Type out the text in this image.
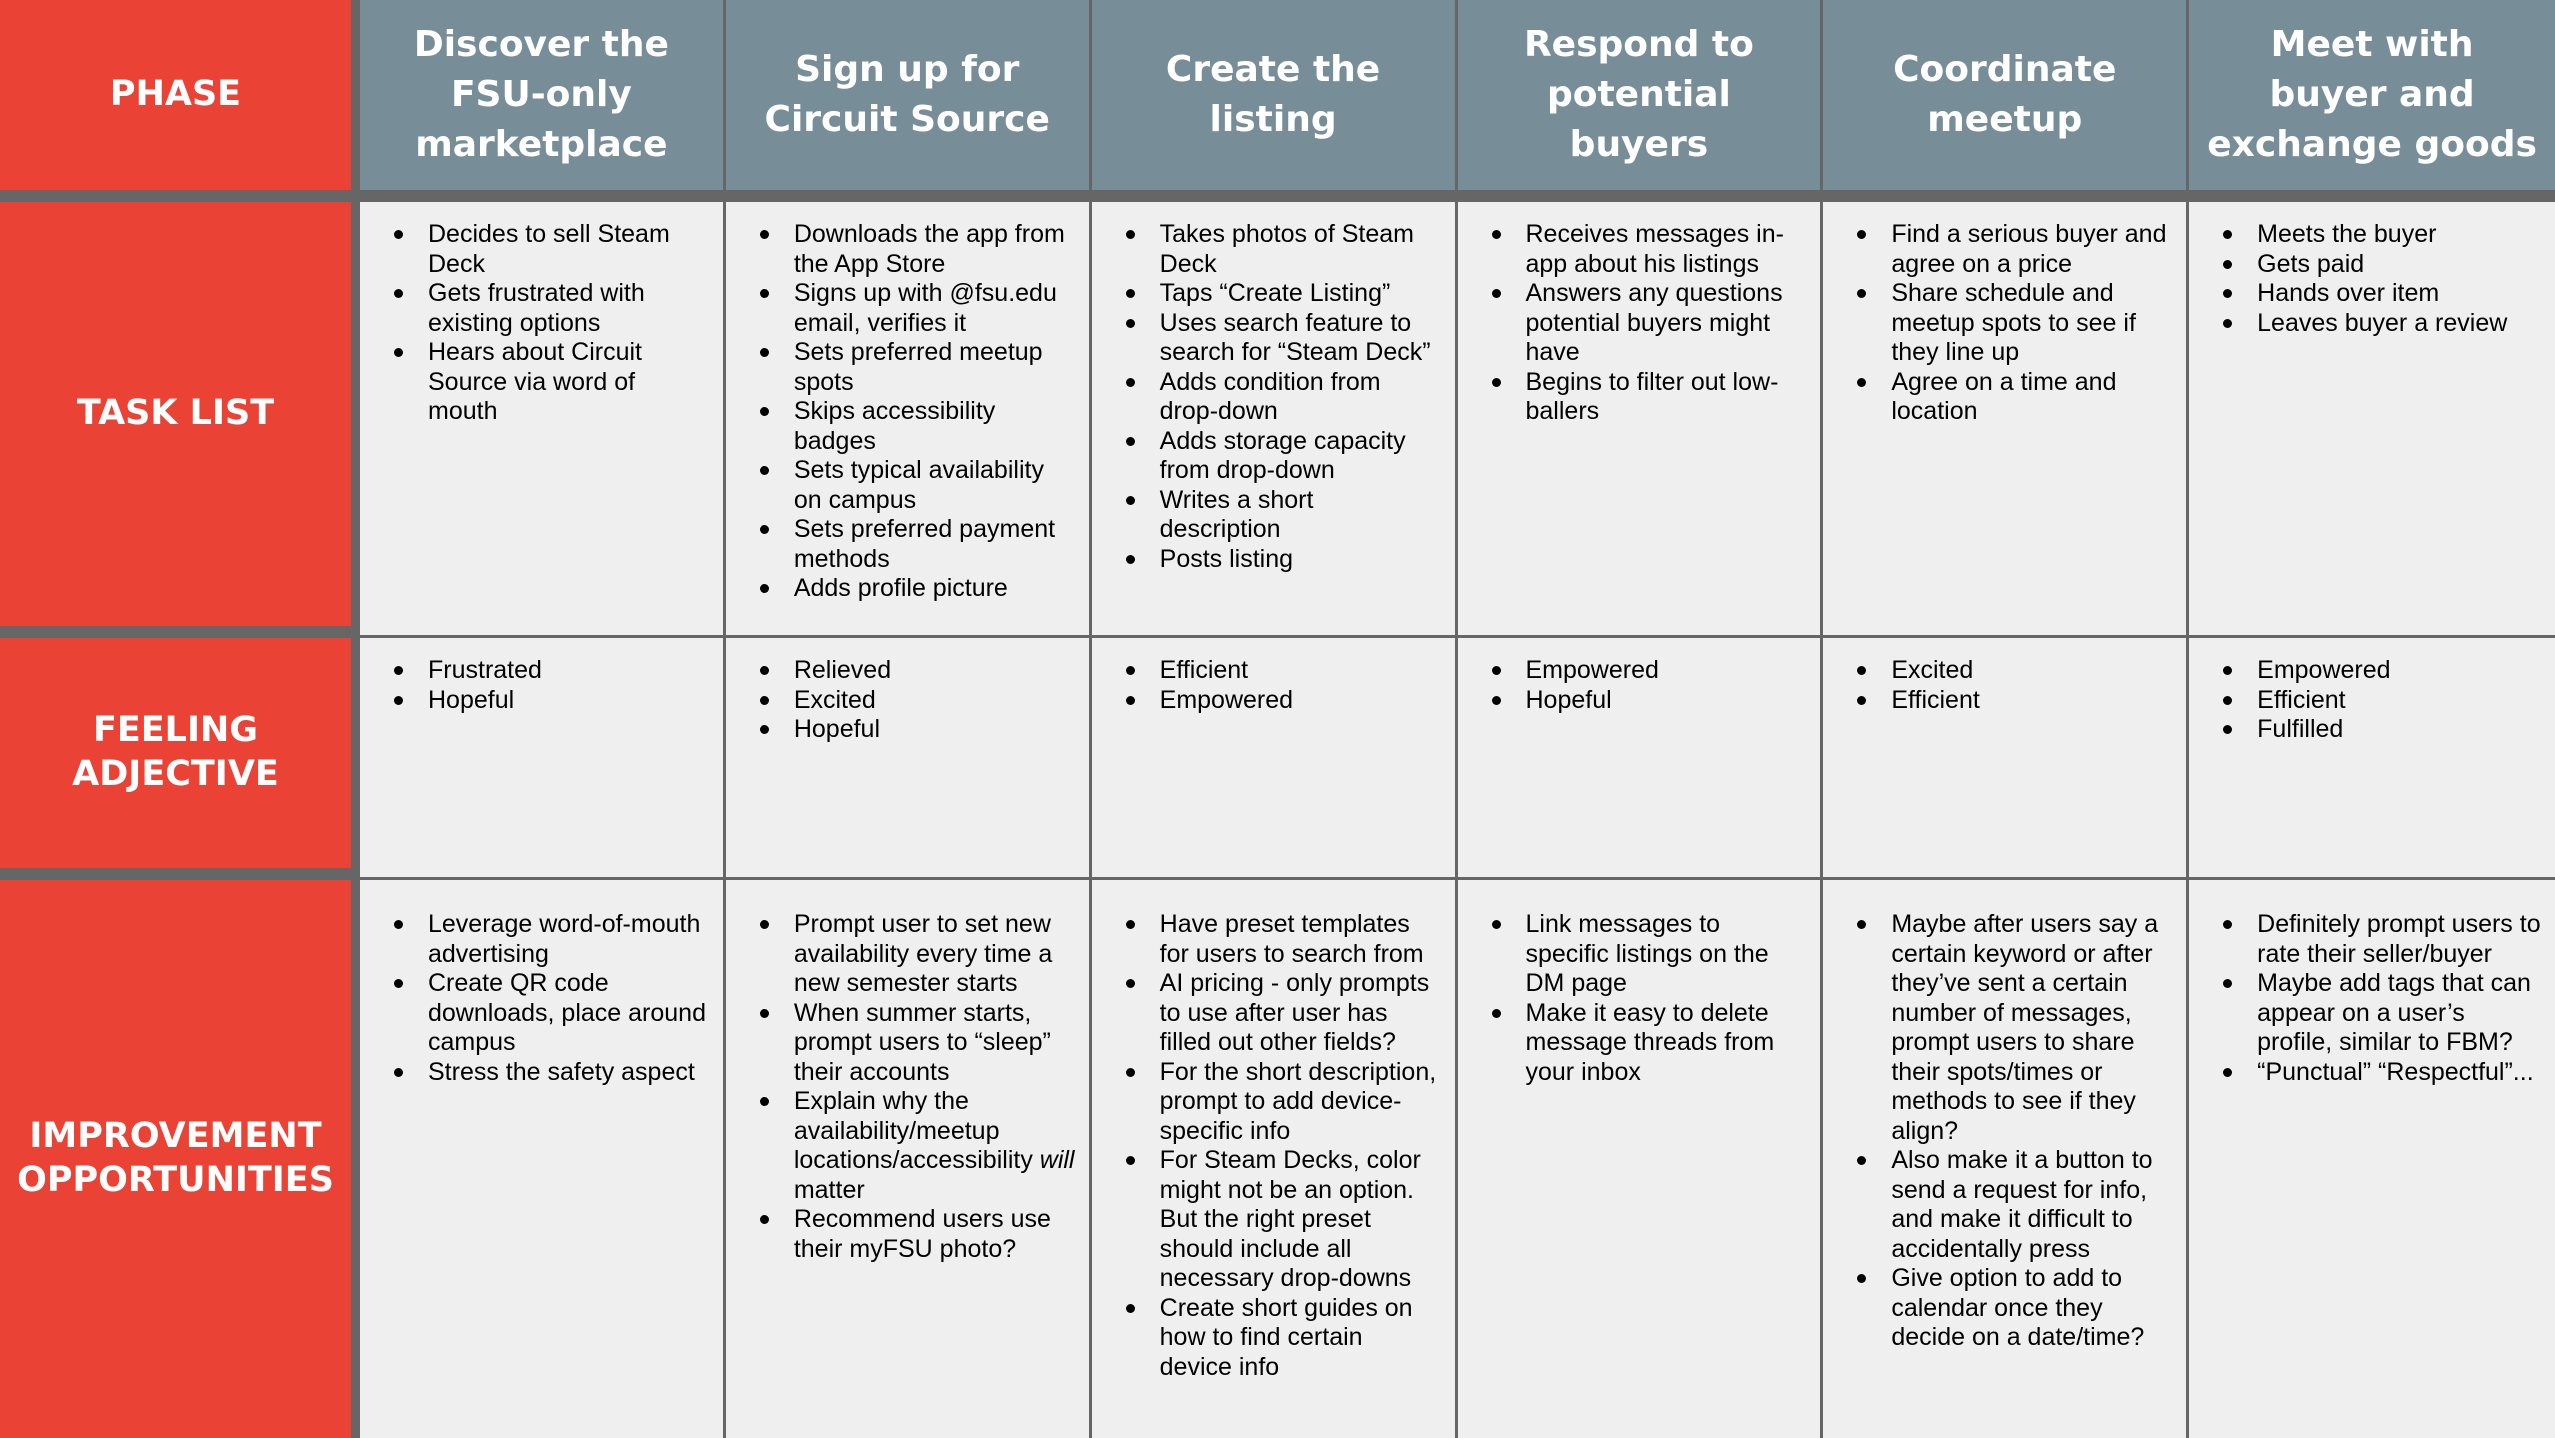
PHASE
Discover the FSU-only marketplace
Sign up for Circuit Source
Create the listing
Respond to potential buyers
Coordinate meetup
Meet with buyer and exchange goods
TASK LIST
Decides to sell Steam Deck
Gets frustrated with existing options
Hears about Circuit Source via word of mouth
Downloads the app from the App Store
Signs up with @fsu.edu email, verifies it
Sets preferred meetup spots
Skips accessibility badges
Sets typical availability on campus
Sets preferred payment methods
Adds profile picture
Takes photos of Steam Deck
Taps “Create Listing”
Uses search feature to search for “Steam Deck”
Adds condition from drop-down
Adds storage capacity from drop-down
Writes a short description
Posts listing
Receives messages in-app about his listings
Answers any questions potential buyers might have
Begins to filter out low-ballers
Find a serious buyer and agree on a price
Share schedule and meetup spots to see if they line up
Agree on a time and location
Meets the buyer
Gets paid
Hands over item
Leaves buyer a review
FEELING ADJECTIVE
Frustrated
Hopeful
Relieved
Excited
Hopeful
Efficient
Empowered
Empowered
Hopeful
Excited
Efficient
Empowered
Efficient
Fulfilled
IMPROVEMENT OPPORTUNITIES
Leverage word-of-mouth advertising
Create QR code downloads, place around campus
Stress the safety aspect
Prompt user to set new availability every time a new semester starts
When summer starts, prompt users to “sleep” their accounts
Explain why the availability/meetup locations/accessibility will matter
Recommend users use their myFSU photo?
Have preset templates for users to search from
AI pricing - only prompts to use after user has filled out other fields?
For the short description, prompt to add device-specific info
For Steam Decks, color might not be an option. But the right preset should include all necessary drop-downs
Create short guides on how to find certain device info
Link messages to specific listings on the DM page
Make it easy to delete message threads from your inbox
Maybe after users say a certain keyword or after they’ve sent a certain number of messages, prompt users to share their spots/times or methods to see if they align?
Also make it a button to send a request for info, and make it difficult to accidentally press
Give option to add to calendar once they decide on a date/time?
Definitely prompt users to rate their seller/buyer
Maybe add tags that can appear on a user’s profile, similar to FBM?
“Punctual” “Respectful”...
